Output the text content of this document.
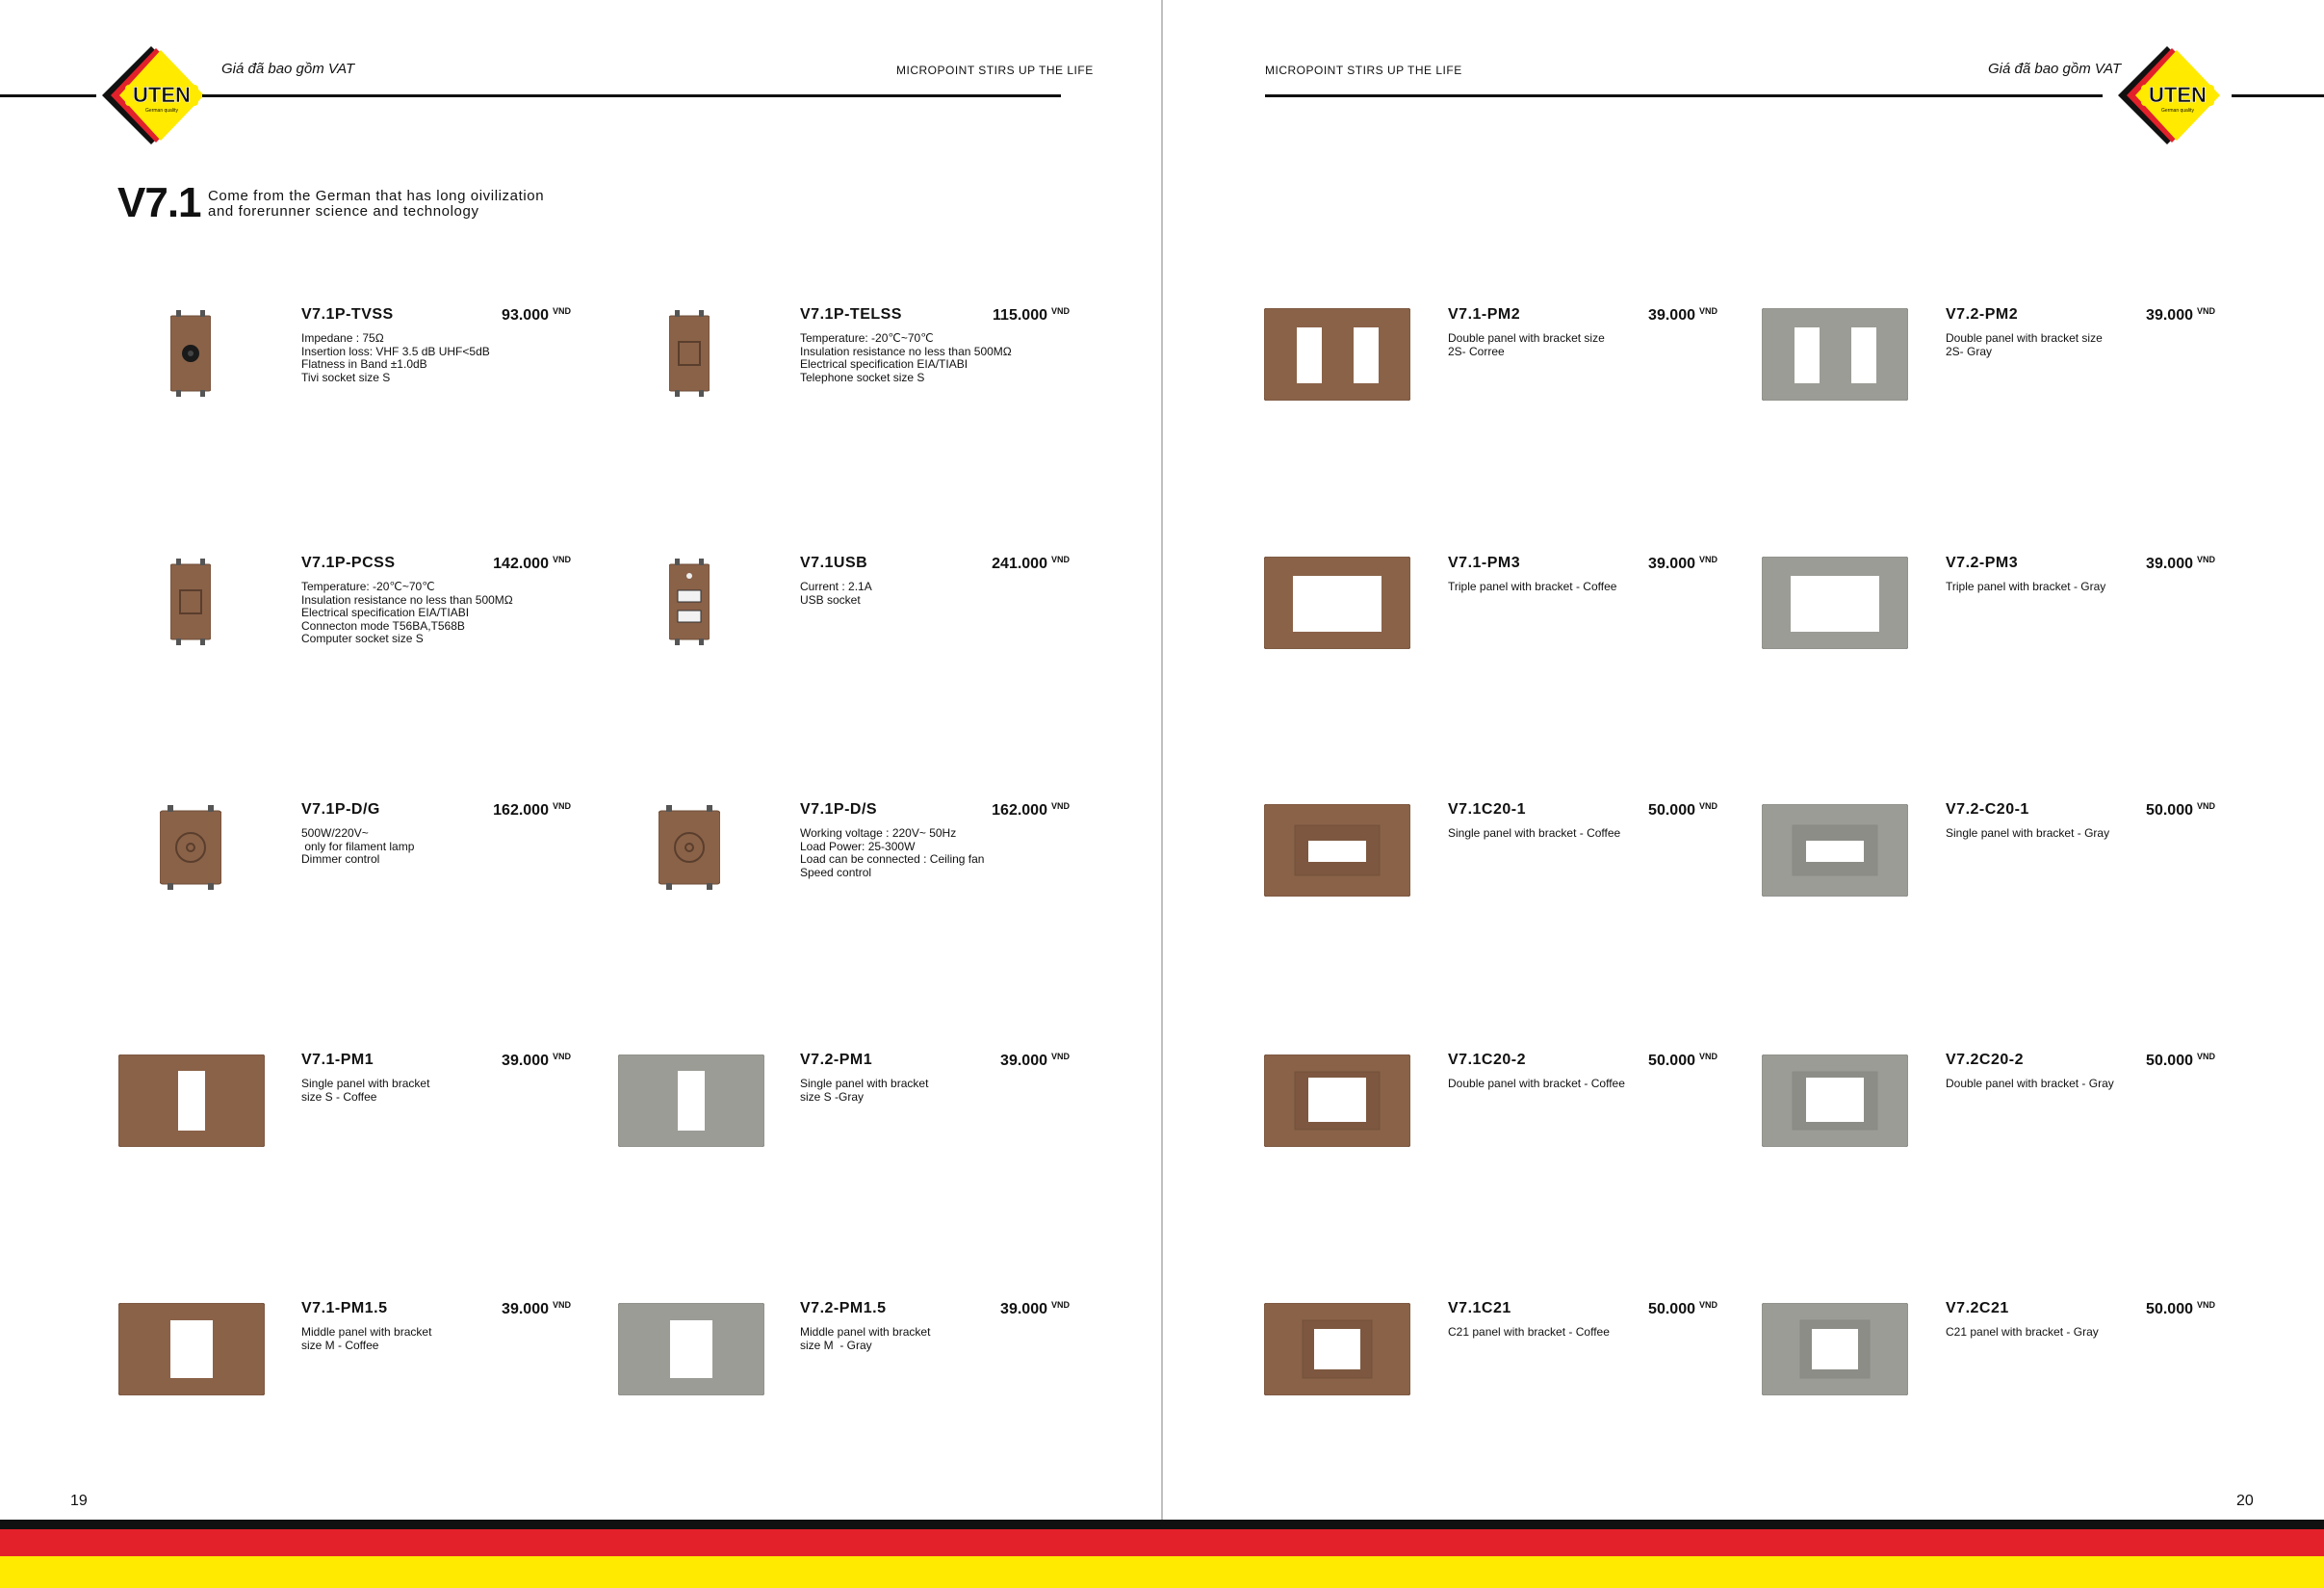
UTEN
German quality
Giá đã bao gồm VAT	MICROPOINT STIRS UP THE LIFE	MICROPOINT STIRS UP THE LIFE	Giá đã bao gồm VAT
UTEN
German quality
V7.1 Come from the German that has long oivilization
and forerunner science and technology
V7.1P-TVSS	93.000 $^{VND}$
Impedane : 75Ω
Insertion loss: VHF 3.5 dB UHF<5dB
Flatness in Band ±1.0dB
Tivi socket size S
V7.1P-TELSS	115.000 $^{VND}$
Temperature: -20℃~70℃
Insulation resistance no less than 500MΩ
Electrical specification EIA/TIABI
Telephone socket size S
V7.1P-PCSS	142.000 $^{VND}$
Temperature: -20℃~70℃
Insulation resistance no less than 500MΩ
Electrical specification EIA/TIABI
Connecton mode T56BA,T568B
Computer socket size S
V7.1USB	241.000 $^{VND}$
Current : 2.1A
USB socket
V7.1P-D/G	162.000 $^{VND}$
500W/220V~
only for filament lamp
Dimmer control
V7.1P-D/S	162.000 $^{VND}$
Working voltage : 220V~ 50Hz
Load Power: 25-300W
Load can be connected : Ceiling fan
Speed control
V7.1-PM1	39.000 $^{VND}$
Single panel with bracket
size S - Coffee
V7.2-PM1	39.000 $^{VND}$
Single panel with bracket
size S -Gray
V7.1-PM1.5	39.000 $^{VND}$
Middle panel with bracket
size M - Coffee
V7.2-PM1.5	39.000 $^{VND}$
Middle panel with bracket
size M  - Gray
V7.1-PM2	39.000 $^{VND}$
Double panel with bracket size
2S- Corree
V7.2-PM2	39.000 $^{VND}$
Double panel with bracket size
2S- Gray
V7.1-PM3	39.000 $^{VND}$
Triple panel with bracket - Coffee
V7.2-PM3	39.000 $^{VND}$
Triple panel with bracket - Gray
V7.1C20-1	50.000 $^{VND}$
Single panel with bracket - Coffee
V7.2-C20-1	50.000 $^{VND}$
Single panel with bracket - Gray
V7.1C20-2	50.000 $^{VND}$
Double panel with bracket - Coffee
V7.2C20-2	50.000 $^{VND}$
Double panel with bracket - Gray
V7.1C21	50.000 $^{VND}$
C21 panel with bracket - Coffee
V7.2C21	50.000 $^{VND}$
C21 panel with bracket - Gray
19	20
